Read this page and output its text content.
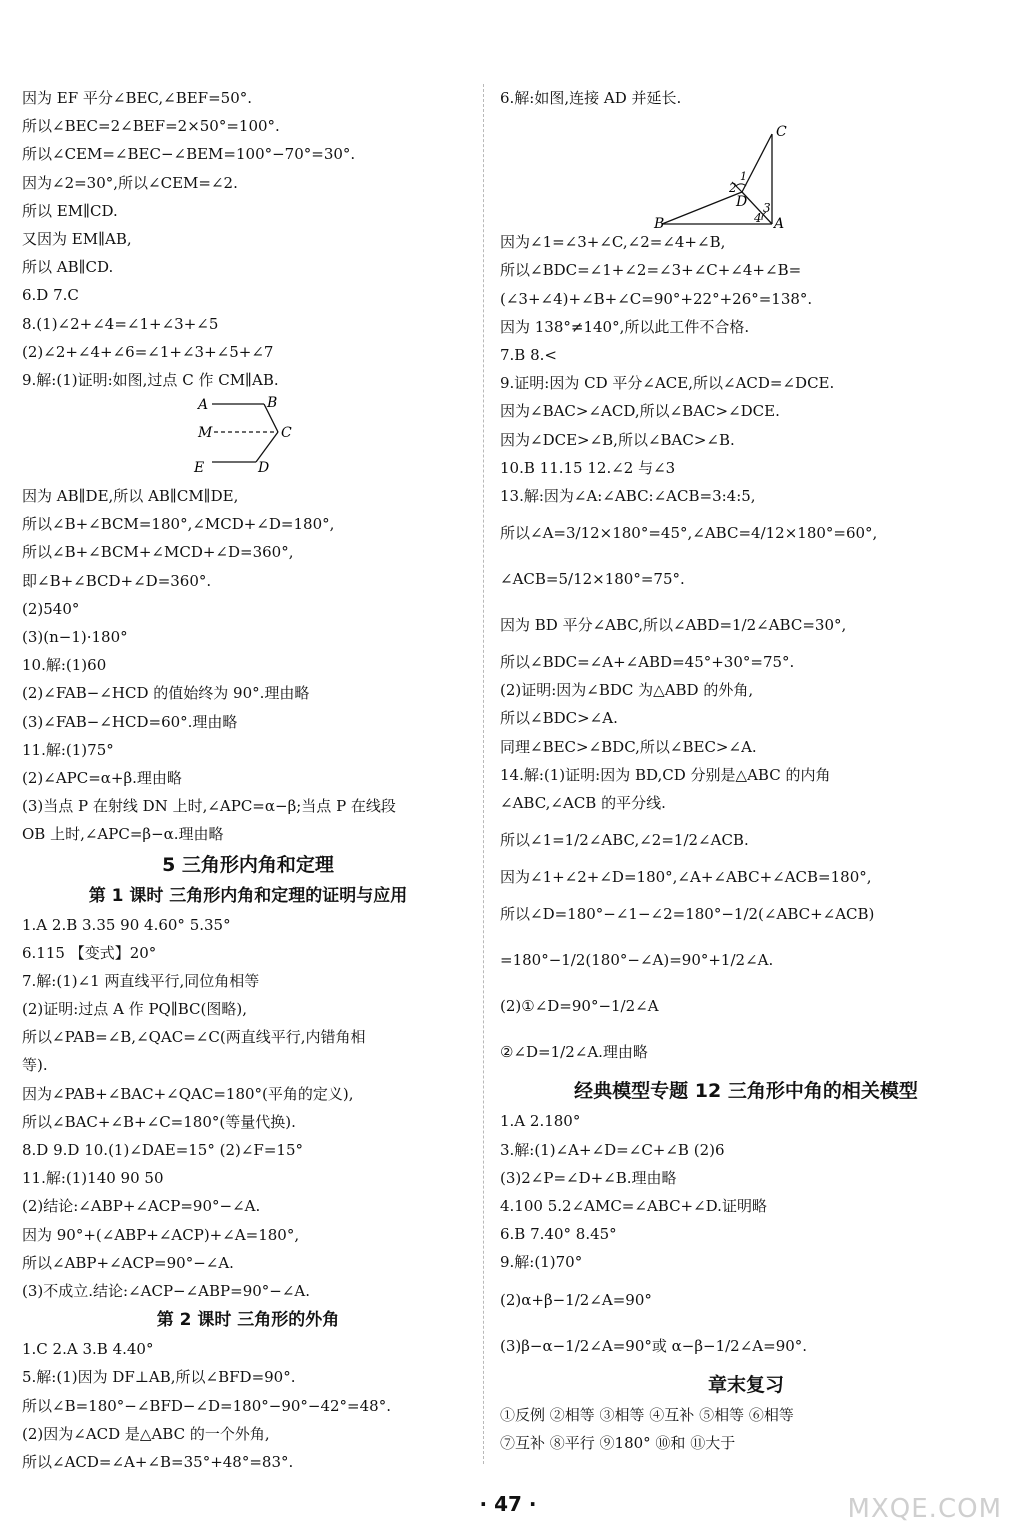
因为 EF 平分∠BEC,∠BEF=50°.
所以∠BEC=2∠BEF=2×50°=100°.
所以∠CEM=∠BEC−∠BEM=100°−70°=30°.
因为∠2=30°,所以∠CEM=∠2.
所以 EM∥CD.
又因为 EM∥AB,
所以 AB∥CD.
6.D 7.C
8.(1)∠2+∠4=∠1+∠3+∠5
(2)∠2+∠4+∠6=∠1+∠3+∠5+∠7
9.解:(1)证明:如图,过点 C 作 CM∥AB.
A	B
M	C
E	D
因为 AB∥DE,所以 AB∥CM∥DE,
所以∠B+∠BCM=180°,∠MCD+∠D=180°,
所以∠B+∠BCM+∠MCD+∠D=360°,
即∠B+∠BCD+∠D=360°.
(2)540°
(3)(n−1)·180°
10.解:(1)60
(2)∠FAB−∠HCD 的值始终为 90°.理由略
(3)∠FAB−∠HCD=60°.理由略
11.解:(1)75°
(2)∠APC=α+β.理由略
(3)当点 P 在射线 DN 上时,∠APC=α−β;当点 P 在线段
OB 上时,∠APC=β−α.理由略
5 三角形内角和定理
第 1 课时 三角形内角和定理的证明与应用
1.A 2.B 3.35 90 4.60° 5.35°
6.115 【变式】20°
7.解:(1)∠1 两直线平行,同位角相等
(2)证明:过点 A 作 PQ∥BC(图略),
所以∠PAB=∠B,∠QAC=∠C(两直线平行,内错角相
等).
因为∠PAB+∠BAC+∠QAC=180°(平角的定义),
所以∠BAC+∠B+∠C=180°(等量代换).
8.D 9.D 10.(1)∠DAE=15° (2)∠F=15°
11.解:(1)140 90 50
(2)结论:∠ABP+∠ACP=90°−∠A.
因为 90°+(∠ABP+∠ACP)+∠A=180°,
所以∠ABP+∠ACP=90°−∠A.
(3)不成立.结论:∠ACP−∠ABP=90°−∠A.
第 2 课时 三角形的外角
1.C 2.A 3.B 4.40°
5.解:(1)因为 DF⊥AB,所以∠BFD=90°.
所以∠B=180°−∠BFD−∠D=180°−90°−42°=48°.
(2)因为∠ACD 是△ABC 的一个外角,
所以∠ACD=∠A+∠B=35°+48°=83°.
6.解:如图,连接 AD 并延长.
C
D
B	A
1
2
3
4
因为∠1=∠3+∠C,∠2=∠4+∠B,
所以∠BDC=∠1+∠2=∠3+∠C+∠4+∠B=
(∠3+∠4)+∠B+∠C=90°+22°+26°=138°.
因为 138°≠140°,所以此工件不合格.
7.B 8.<
9.证明:因为 CD 平分∠ACE,所以∠ACD=∠DCE.
因为∠BAC>∠ACD,所以∠BAC>∠DCE.
因为∠DCE>∠B,所以∠BAC>∠B.
10.B 11.15 12.∠2 与∠3
13.解:因为∠A:∠ABC:∠ACB=3:4:5,
所以∠A=3/12×180°=45°,∠ABC=4/12×180°=60°,
∠ACB=5/12×180°=75°.
因为 BD 平分∠ABC,所以∠ABD=1/2∠ABC=30°,
所以∠BDC=∠A+∠ABD=45°+30°=75°.
(2)证明:因为∠BDC 为△ABD 的外角,
所以∠BDC>∠A.
同理∠BEC>∠BDC,所以∠BEC>∠A.
14.解:(1)证明:因为 BD,CD 分别是△ABC 的内角
∠ABC,∠ACB 的平分线.
所以∠1=1/2∠ABC,∠2=1/2∠ACB.
因为∠1+∠2+∠D=180°,∠A+∠ABC+∠ACB=180°,
所以∠D=180°−∠1−∠2=180°−1/2(∠ABC+∠ACB)
=180°−1/2(180°−∠A)=90°+1/2∠A.
(2)①∠D=90°−1/2∠A
②∠D=1/2∠A.理由略
经典模型专题 12 三角形中角的相关模型
1.A 2.180°
3.解:(1)∠A+∠D=∠C+∠B (2)6
(3)2∠P=∠D+∠B.理由略
4.100 5.2∠AMC=∠ABC+∠D.证明略
6.B 7.40° 8.45°
9.解:(1)70°
(2)α+β−1/2∠A=90°
(3)β−α−1/2∠A=90°或 α−β−1/2∠A=90°.
章末复习
①反例 ②相等 ③相等 ④互补 ⑤相等 ⑥相等
⑦互补 ⑧平行 ⑨180° ⑩和 ⑪大于
· 47 ·	MXQE.COM
